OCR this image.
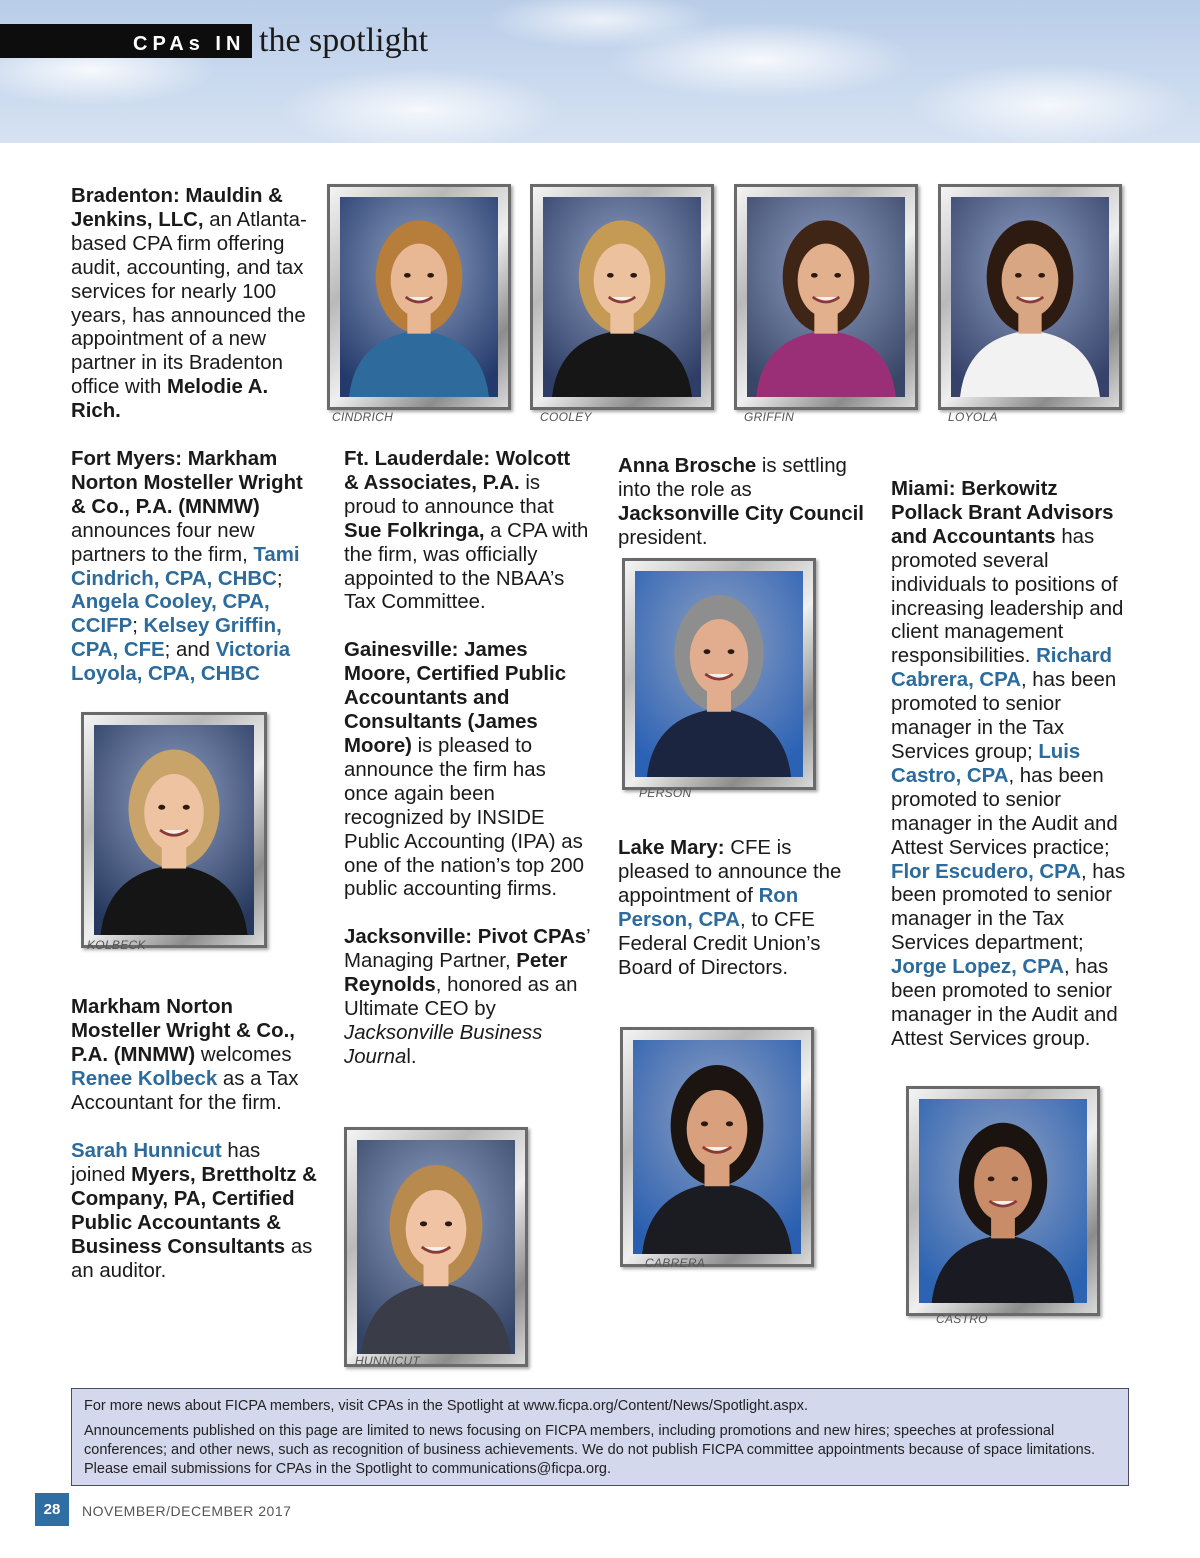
CPAs IN the spotlight

Bradenton: Mauldin & Jenkins, LLC, an Atlanta-based CPA firm offering audit, accounting, and tax services for nearly 100 years, has announced the appointment of a new partner in its Bradenton office with Melodie A. Rich.

Fort Myers: Markham Norton Mosteller Wright & Co., P.A. (MNMW) announces four new partners to the firm, Tami Cindrich, CPA, CHBC; Angela Cooley, CPA, CCIFP; Kelsey Griffin, CPA, CFE; and Victoria Loyola, CPA, CHBC

Markham Norton Mosteller Wright & Co., P.A. (MNMW) welcomes Renee Kolbeck as a Tax Accountant for the firm.

Sarah Hunnicut has joined Myers, Brettholtz & Company, PA, Certified Public Accountants & Business Consultants as an auditor.

Ft. Lauderdale: Wolcott & Associates, P.A. is proud to announce that Sue Folkringa, a CPA with the firm, was officially appointed to the NBAA’s Tax Committee.

Gainesville: James Moore, Certified Public Accountants and Consultants (James Moore) is pleased to announce the firm has once again been recognized by INSIDE Public Accounting (IPA) as one of the nation’s top 200 public accounting firms.

Jacksonville: Pivot CPAs’ Managing Partner, Peter Reynolds, honored as an Ultimate CEO by Jacksonville Business Journal.

Anna Brosche is settling into the role as Jacksonville City Council president.

Lake Mary: CFE is pleased to announce the appointment of Ron Person, CPA, to CFE Federal Credit Union’s Board of Directors.

Miami: Berkowitz Pollack Brant Advisors and Accountants has promoted several individuals to positions of increasing leadership and client management responsibilities. Richard Cabrera, CPA, has been promoted to senior manager in the Tax Services group; Luis Castro, CPA, has been promoted to senior manager in the Audit and Attest Services practice; Flor Escudero, CPA, has been promoted to senior manager in the Tax Services department; Jorge Lopez, CPA, has been promoted to senior manager in the Audit and Attest Services group.

CINDRICH	COOLEY	GRIFFIN	LOYOLA
KOLBECK
HUNNICUT
PERSON
CABRERA
CASTRO

For more news about FICPA members, visit CPAs in the Spotlight at www.ficpa.org/Content/News/Spotlight.aspx.

Announcements published on this page are limited to news focusing on FICPA members, including promotions and new hires; speeches at professional conferences; and other news, such as recognition of business achievements. We do not publish FICPA committee appointments because of space limitations. Please email submissions for CPAs in the Spotlight to communications@ficpa.org.

28	NOVEMBER/DECEMBER 2017
